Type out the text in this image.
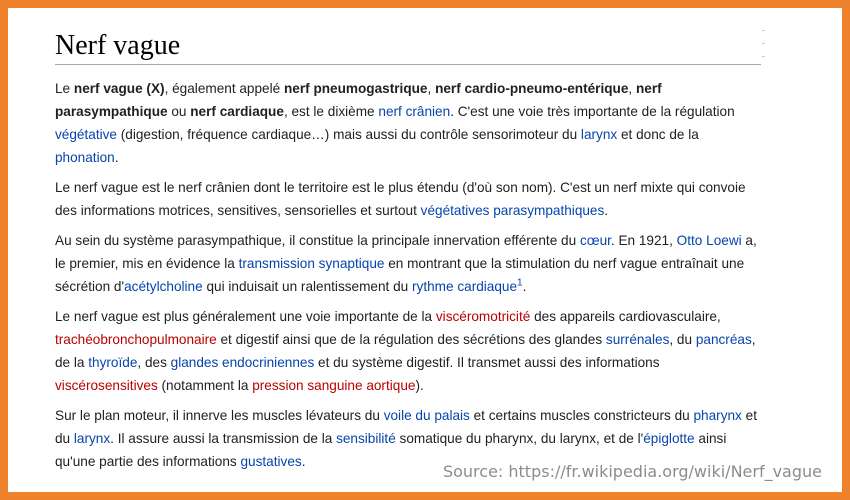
Nerf vague

Le nerf vague (X), également appelé nerf pneumogastrique, nerf cardio-pneumo-entérique, nerf parasympathique ou nerf cardiaque, est le dixième nerf crânien. C'est une voie très importante de la régulation végétative (digestion, fréquence cardiaque…) mais aussi du contrôle sensorimoteur du larynx et donc de la phonation.

Le nerf vague est le nerf crânien dont le territoire est le plus étendu (d'où son nom). C'est un nerf mixte qui convoie des informations motrices, sensitives, sensorielles et surtout végétatives parasympathiques.

Au sein du système parasympathique, il constitue la principale innervation efférente du cœur. En 1921, Otto Loewi a, le premier, mis en évidence la transmission synaptique en montrant que la stimulation du nerf vague entraînait une sécrétion d'acétylcholine qui induisait un ralentissement du rythme cardiaque$^1$.

Le nerf vague est plus généralement une voie importante de la viscéromotricité des appareils cardiovasculaire, trachéobronchopulmonaire et digestif ainsi que de la régulation des sécrétions des glandes surrénales, du pancréas, de la thyroïde, des glandes endocriniennes et du système digestif. Il transmet aussi des informations viscérosensitives (notamment la pression sanguine aortique).

Sur le plan moteur, il innerve les muscles lévateurs du voile du palais et certains muscles constricteurs du pharynx et du larynx. Il assure aussi la transmission de la sensibilité somatique du pharynx, du larynx, et de l'épiglotte ainsi qu'une partie des informations gustatives.

Source: https://fr.wikipedia.org/wiki/Nerf_vague
